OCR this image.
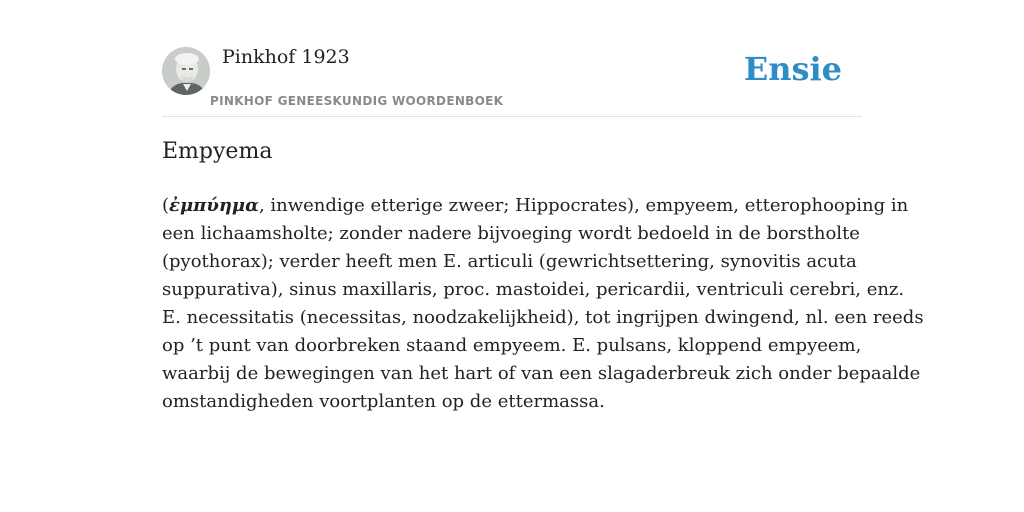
Pinkhof 1923
PINKHOF GENEESKUNDIG WOORDENBOEK
Ensie
Empyema
(ἐμπύημα, inwendige etterige zweer; Hippocrates), empyeem, etterophooping in
een lichaamsholte; zonder nadere bijvoeging wordt bedoeld in de borstholte
(pyothorax); verder heeft men E. articuli (gewrichtsettering, synovitis acuta
suppurativa), sinus maxillaris, proc. mastoidei, pericardii, ventriculi cerebri, enz.
E. necessitatis (necessitas, noodzakelijkheid), tot ingrijpen dwingend, nl. een reeds
op ’t punt van doorbreken staand empyeem. E. pulsans, kloppend empyeem,
waarbij de bewegingen van het hart of van een slagaderbreuk zich onder bepaalde
omstandigheden voortplanten op de ettermassa.
